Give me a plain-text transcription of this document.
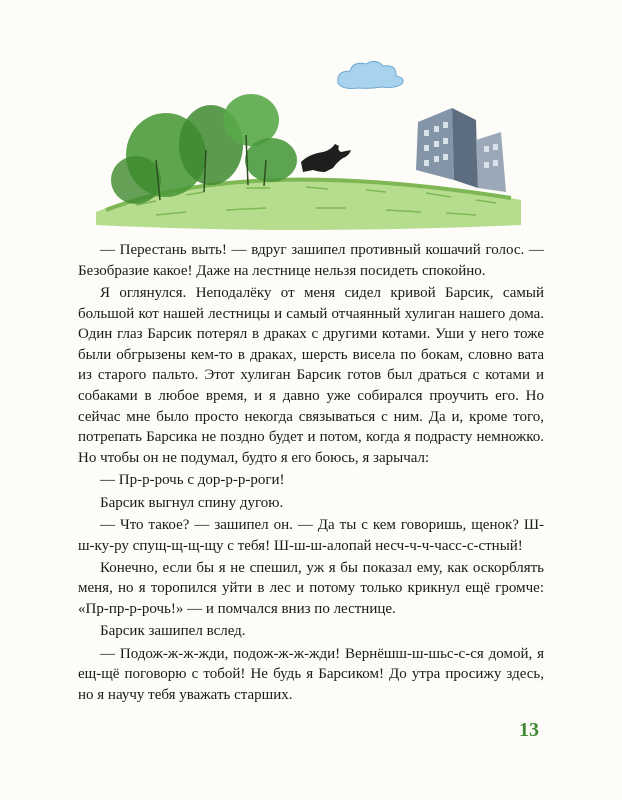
— Перестань выть! — вдруг зашипел противный кошачий голос. — Безобразие какое! Даже на лестнице нельзя посидеть спокойно.

Я оглянулся. Неподалёку от меня сидел кривой Барсик, самый большой кот нашей лестницы и самый отчаянный хулиган нашего дома. Один глаз Барсик потерял в драках с другими котами. Уши у него тоже были обгрызены кем-то в драках, шерсть висела по бокам, словно вата из старого пальто. Этот хулиган Барсик готов был драться с котами и собаками в любое время, и я давно уже собирался проучить его. Но сейчас мне было просто некогда связываться с ним. Да и, кроме того, потрепать Барсика не поздно будет и потом, когда я подрасту немножко. Но чтобы он не подумал, будто я его боюсь, я зарычал:

— Пр-р-рочь с дор-р-р-роги!

Барсик выгнул спину дугою.

— Что такое? — зашипел он. — Да ты с кем говоришь, щенок? Ш-ш-ку-ру спущ-щ-щ-щу с тебя! Ш-ш-ш-алопай несч-ч-ч-часс-с-стный!

Конечно, если бы я не спешил, уж я бы показал ему, как оскорблять меня, но я торопился уйти в лес и потому только крикнул ещё громче: «Пр-пр-р-рочь!» — и помчался вниз по лестнице.

Барсик зашипел вслед.

— Подож-ж-ж-жди, подож-ж-ж-жди! Вернёшш-ш-шьс-с-ся домой, я ещ-щё поговорю с тобой! Не будь я Барсиком! До утра просижу здесь, но я научу тебя уважать старших.

13
